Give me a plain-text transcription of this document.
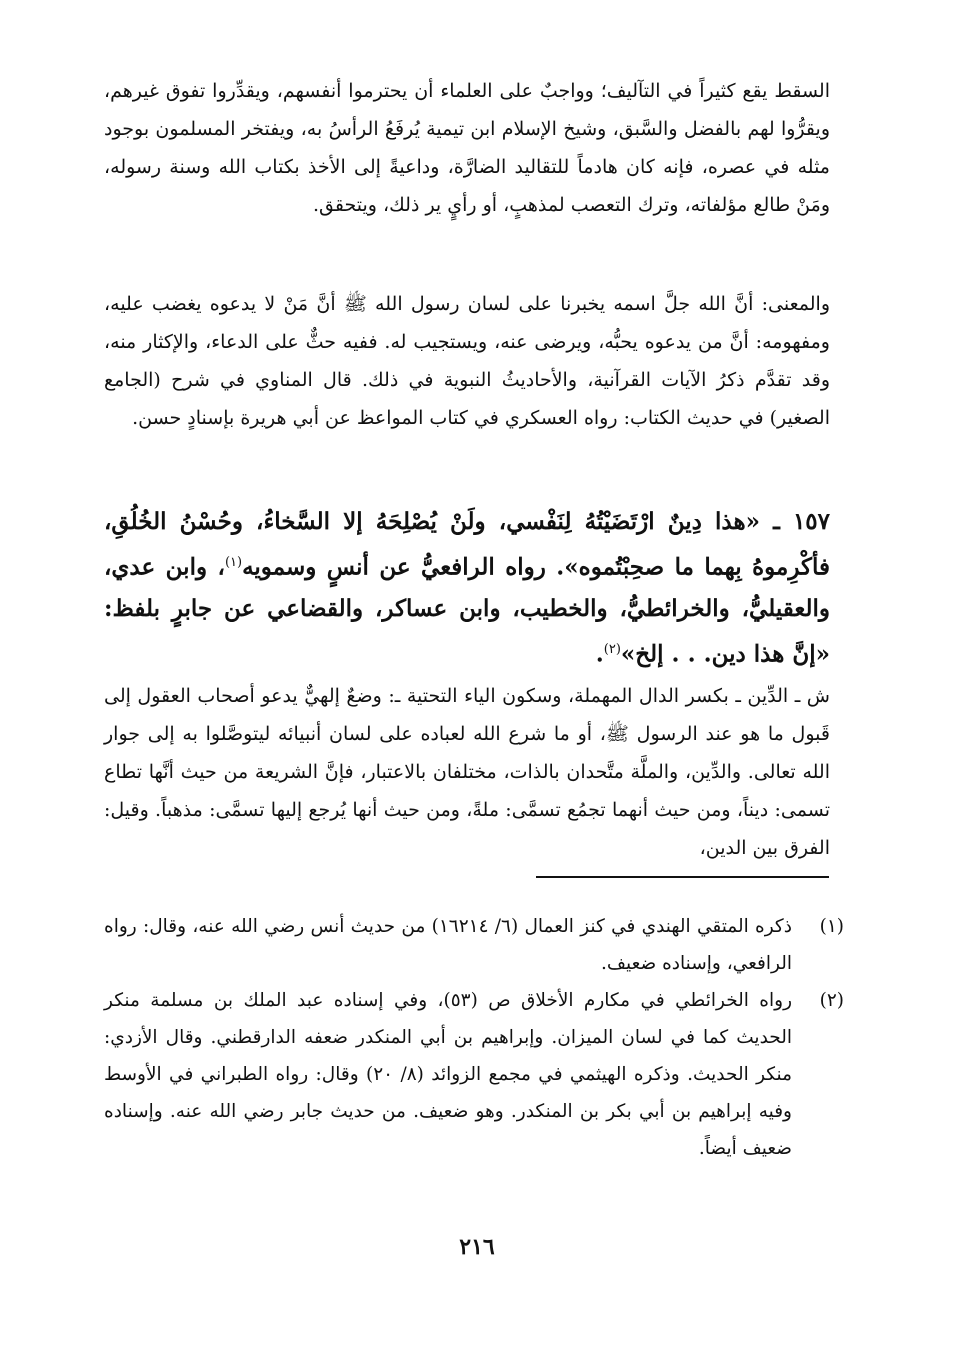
السقط يقع كثيراً في التآليف؛ وواجبٌ على العلماء أن يحترموا أنفسهم، ويقدِّروا تفوق غيرهم، ويقرُّوا لهم بالفضل والسَّبق، وشيخ الإسلام ابن تيمية يُرفَعُ الرأسُ به، ويفتخر المسلمون بوجود مثله في عصره، فإنه كان هادماً للتقاليد الضارَّة، وداعيةً إلى الأخذ بكتاب الله وسنة رسوله، ومَنْ طالع مؤلفاته، وترك التعصب لمذهبٍ، أو رأيٍ ير ذلك، ويتحقق.

والمعنى: أنَّ الله جلَّ اسمه يخبرنا على لسان رسول الله ﷺ أنَّ مَنْ لا يدعوه يغضب عليه، ومفهومه: أنَّ من يدعوه يحبُّه، ويرضى عنه، ويستجيب له. ففيه حثٌّ على الدعاء، والإكثار منه، وقد تقدَّم ذكرُ الآيات القرآنية، والأحاديثُ النبوية في ذلك. قال المناوي في شرح (الجامع الصغير) في حديث الكتاب: رواه العسكري في كتاب المواعظ عن أبي هريرة بإسنادٍ حسن.

١٥٧ ـ «هذا دِينٌ ارْتَضَيْتُهُ لِنَفْسي، ولَنْ يُصْلِحَهُ إلا السَّخاءُ، وحُسْنُ الخُلُقِ، فأكْرِموهُ بِهما ما صحِبْتُموه». رواه الرافعيُّ عن أنسٍ وسمويه$^{(١)}$، وابن عدي، والعقيليُّ، والخرائطيُّ، والخطيب، وابن عساكر، والقضاعي عن جابرٍ بلفظ: «إنَّ هذا دين. . . إلخ»$^{(٢)}$.

ش ـ الدِّين ـ بكسر الدال المهملة، وسكون الياء التحتية ـ: وضعٌ إلهيٌّ يدعو أصحاب العقول إلى قَبول ما هو عند الرسول ﷺ، أو ما شرع الله لعباده على لسان أنبيائه ليتوصَّلوا به إلى جوار الله تعالى. والدِّين، والملَّة متَّحدان بالذات، مختلفان بالاعتبار، فإنَّ الشريعة من حيث أنَّها تطاع تسمى: ديناً، ومن حيث أنهما تجمُع تسمَّى: ملةً، ومن حيث أنها يُرجع إليها تسمَّى: مذهباً. وقيل: الفرق بين الدين،

(١)
ذكره المتقي الهندي في كنز العمال (٦/ ١٦٢١٤) من حديث أنس رضي الله عنه، وقال: رواه الرافعي، وإسناده ضعيف.
(٢)
رواه الخرائطي في مكارم الأخلاق ص (٥٣)، وفي إسناده عبد الملك بن مسلمة منكر الحديث كما في لسان الميزان. وإبراهيم بن أبي المنكدر ضعفه الدارقطني. وقال الأزدي: منكر الحديث. وذكره الهيثمي في مجمع الزوائد (٨/ ٢٠) وقال: رواه الطبراني في الأوسط وفيه إبراهيم بن أبي بكر بن المنكدر. وهو ضعيف. من حديث جابر رضي الله عنه. وإسناده ضعيف أيضاً.
٢١٦
